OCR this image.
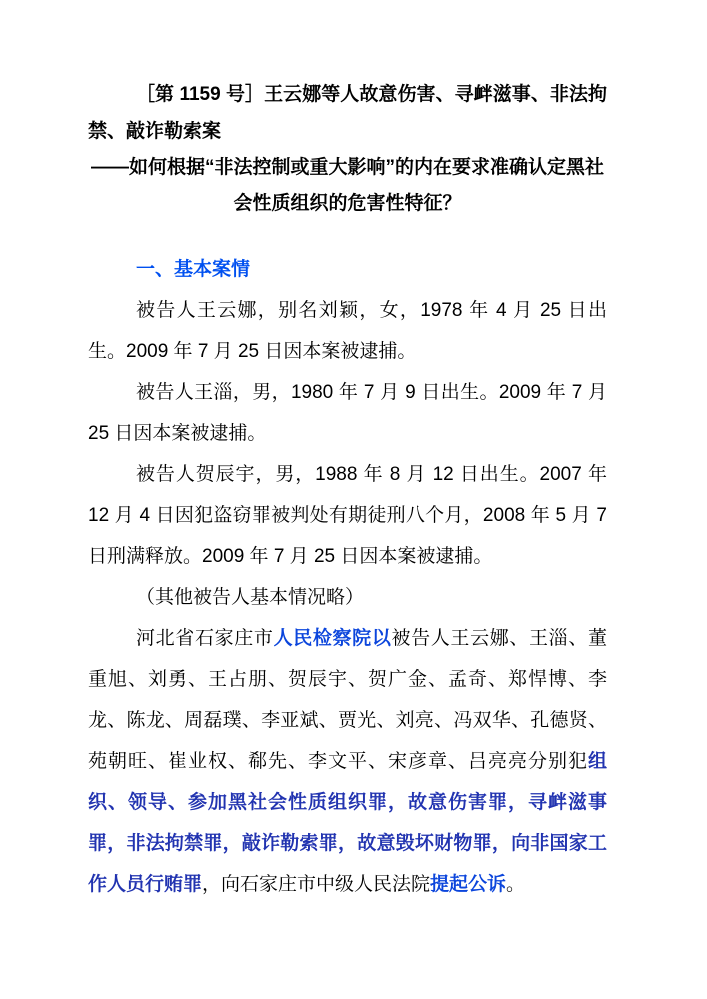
［第 1159 号］王云娜等人故意伤害、寻衅滋事、非法拘禁、敲诈勒索案

——如何根据“非法控制或重大影响”的内在要求准确认定黑社会性质组织的危害性特征？

一、基本案情

被告人王云娜，别名刘颖，女，1978 年 4 月 25 日出生。2009 年 7 月 25 日因本案被逮捕。

被告人王淄，男，1980 年 7 月 9 日出生。2009 年 7 月 25 日因本案被逮捕。

被告人贺辰宇，男，1988 年 8 月 12 日出生。2007 年 12 月 4 日因犯盗窃罪被判处有期徒刑八个月，2008 年 5 月 7 日刑满释放。2009 年 7 月 25 日因本案被逮捕。

（其他被告人基本情况略）

河北省石家庄市人民检察院以被告人王云娜、王淄、董重旭、刘勇、王占朋、贺辰宇、贺广金、孟奇、郑悍博、李龙、陈龙、周磊璞、李亚斌、贾光、刘亮、冯双华、孔德贤、苑朝旺、崔业权、郗先、李文平、宋彦章、吕亮亮分别犯组织、领导、参加黑社会性质组织罪，故意伤害罪，寻衅滋事罪，非法拘禁罪，敲诈勒索罪，故意毁坏财物罪，向非国家工作人员行贿罪，向石家庄市中级人民法院提起公诉。
